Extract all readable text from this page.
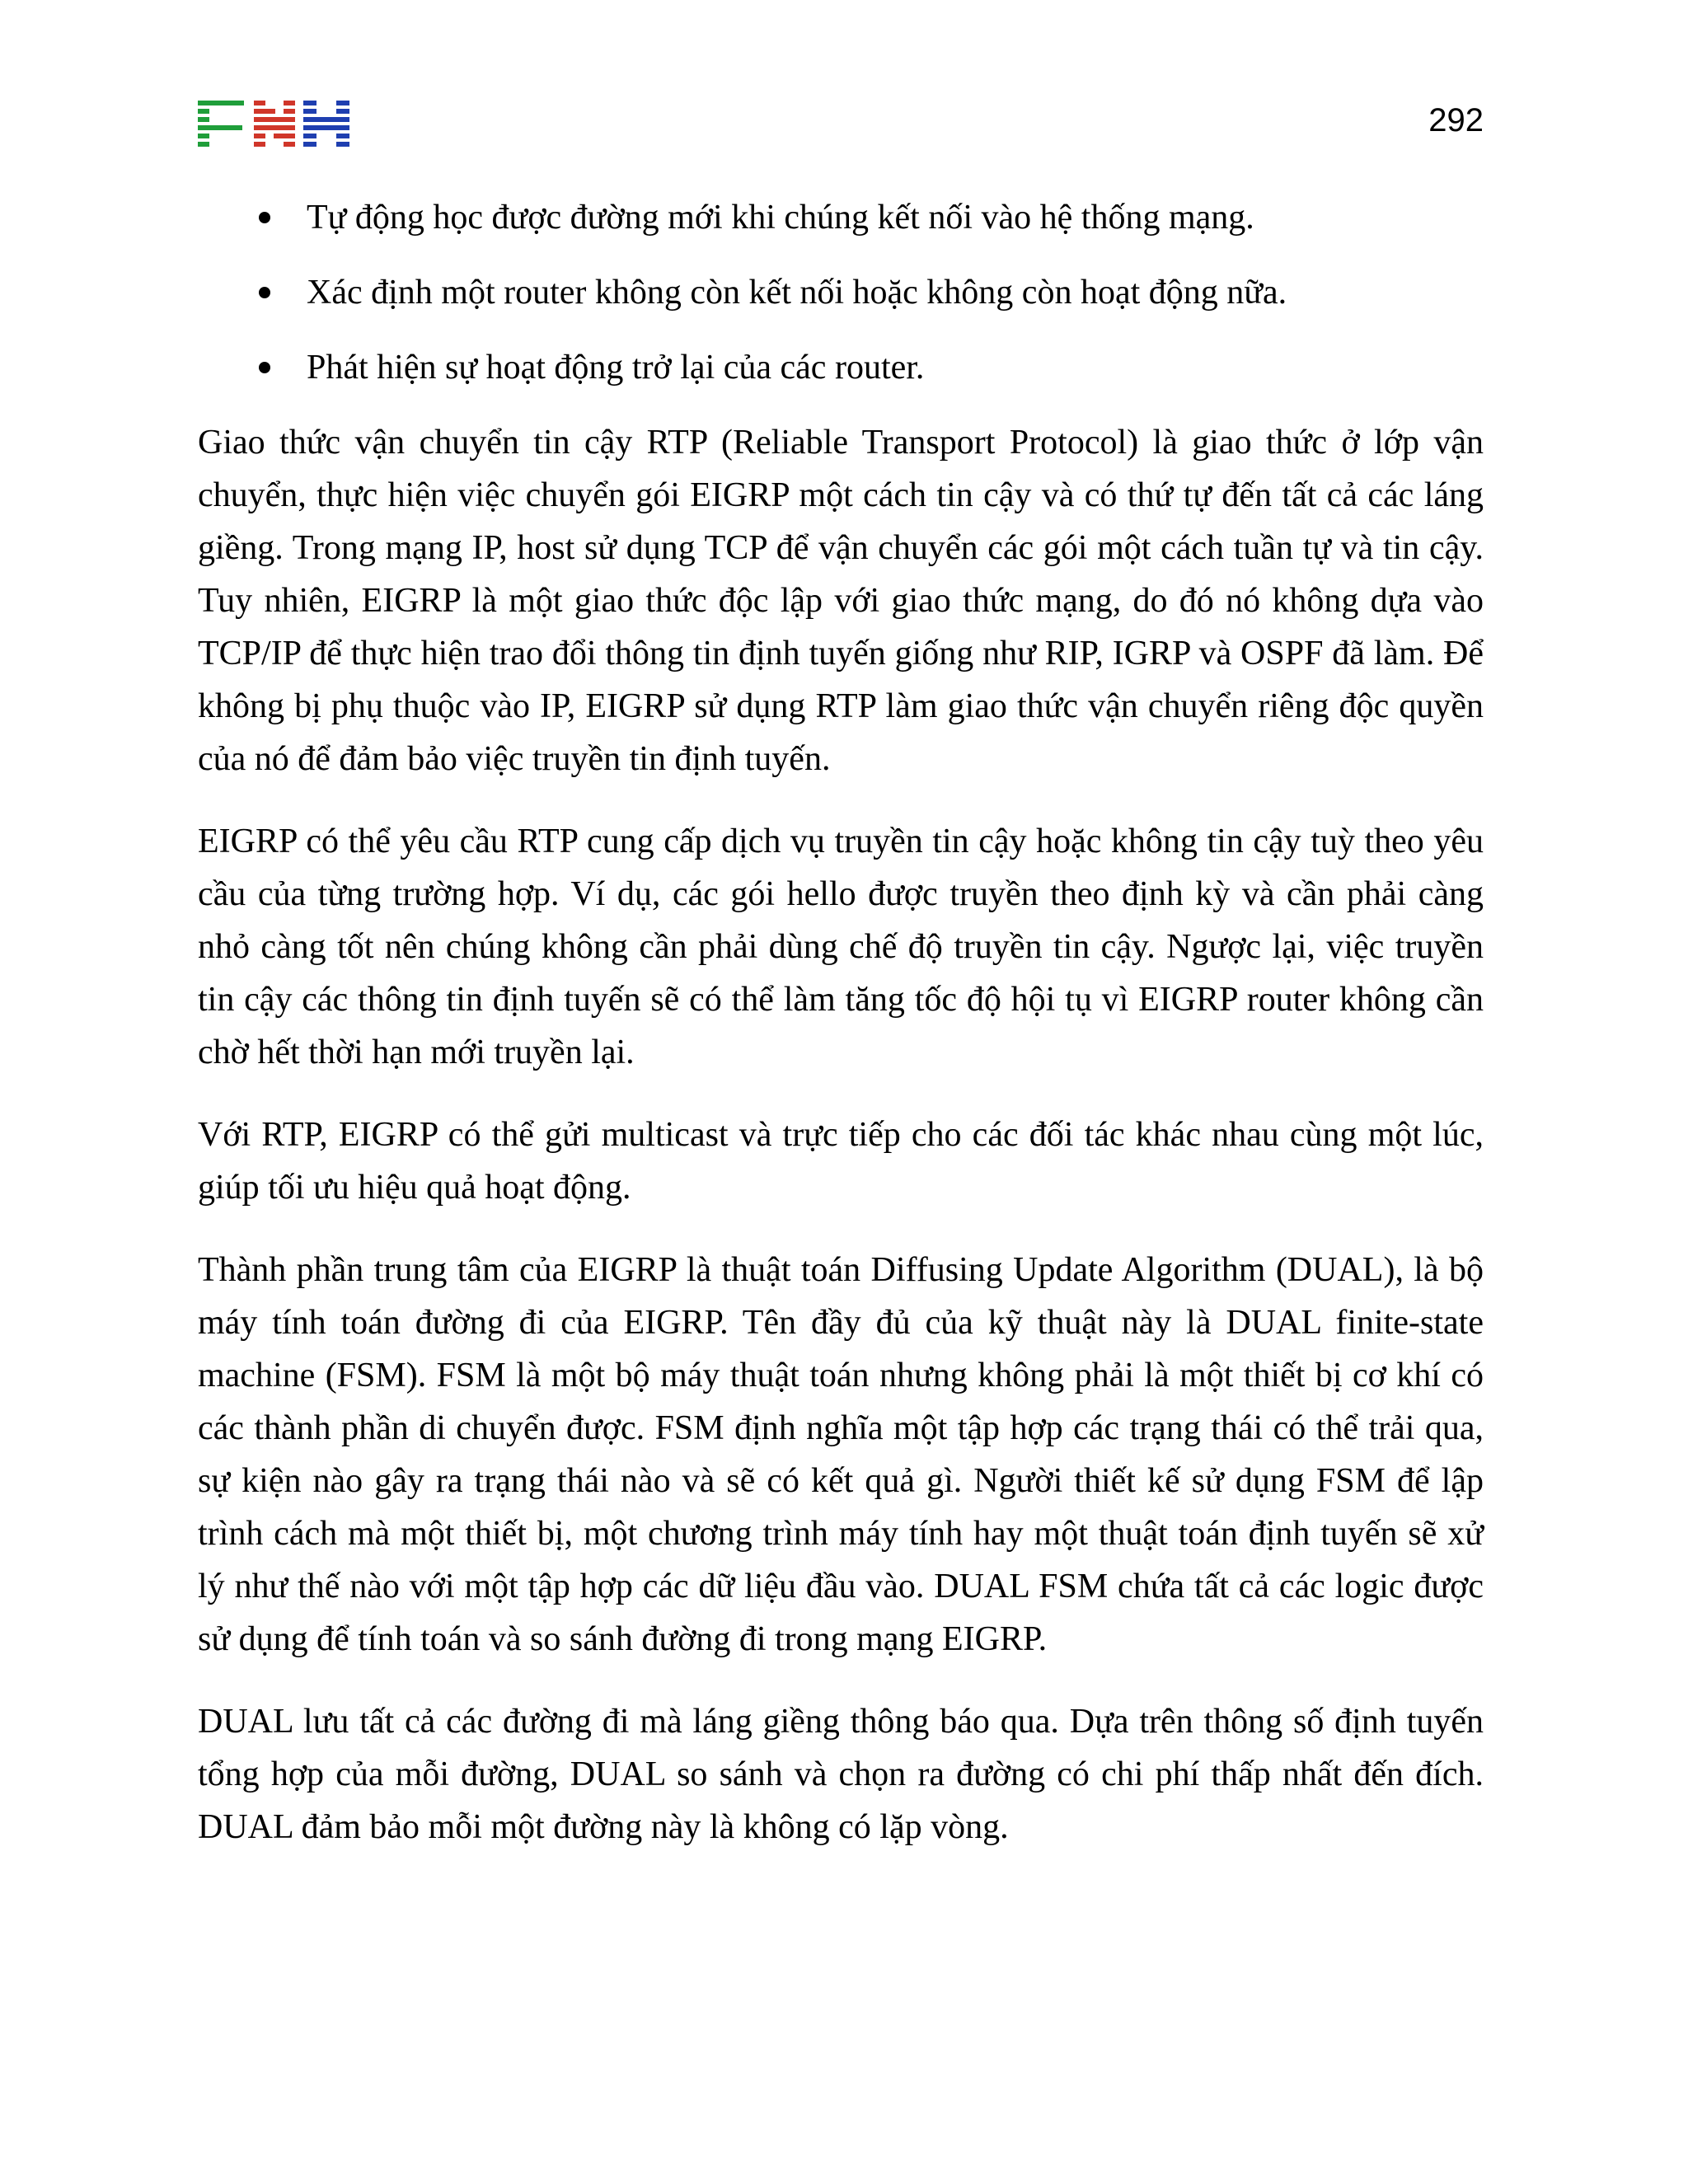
292
Tự động học được đường mới khi chúng kết nối vào hệ thống mạng.
Xác định một router không còn kết nối hoặc không còn hoạt động nữa.
Phát hiện sự hoạt động trở lại của các router.

Giao thức vận chuyển tin cậy RTP (Reliable Transport Protocol) là giao thức ở lớp vận chuyển, thực hiện việc chuyển gói EIGRP một cách tin cậy và có thứ tự đến tất cả các láng giềng. Trong mạng IP, host sử dụng TCP để vận chuyển các gói một cách tuần tự và tin cậy. Tuy nhiên, EIGRP là một giao thức độc lập với giao thức mạng, do đó nó không dựa vào TCP/IP để thực hiện trao đổi thông tin định tuyến giống như RIP, IGRP và OSPF đã làm. Để không bị phụ thuộc vào IP, EIGRP sử dụng RTP làm giao thức vận chuyển riêng độc quyền của nó để đảm bảo việc truyền tin định tuyến.

EIGRP có thể yêu cầu RTP cung cấp dịch vụ truyền tin cậy hoặc không tin cậy tuỳ theo yêu cầu của từng trường hợp. Ví dụ, các gói hello được truyền theo định kỳ và cần phải càng nhỏ càng tốt nên chúng không cần phải dùng chế độ truyền tin cậy. Ngược lại, việc truyền tin cậy các thông tin định tuyến sẽ có thể làm tăng tốc độ hội tụ vì EIGRP router không cần chờ hết thời hạn mới truyền lại.

Với RTP, EIGRP có thể gửi multicast và trực tiếp cho các đối tác khác nhau cùng một lúc, giúp tối ưu hiệu quả hoạt động.

Thành phần trung tâm của EIGRP là thuật toán Diffusing Update Algorithm (DUAL), là bộ máy tính toán đường đi của EIGRP. Tên đầy đủ của kỹ thuật này là DUAL finite-state machine (FSM). FSM là một bộ máy thuật toán nhưng không phải là một thiết bị cơ khí có các thành phần di chuyển được. FSM định nghĩa một tập hợp các trạng thái có thể trải qua, sự kiện nào gây ra trạng thái nào và sẽ có kết quả gì. Người thiết kế sử dụng FSM để lập trình cách mà một thiết bị, một chương trình máy tính hay một thuật toán định tuyến sẽ xử lý như thế nào với một tập hợp các dữ liệu đầu vào. DUAL FSM chứa tất cả các logic được sử dụng để tính toán và so sánh đường đi trong mạng EIGRP.

DUAL lưu tất cả các đường đi mà láng giềng thông báo qua. Dựa trên thông số định tuyến tổng hợp của mỗi đường, DUAL so sánh và chọn ra đường có chi phí thấp nhất đến đích. DUAL đảm bảo mỗi một đường này là không có lặp vòng.
